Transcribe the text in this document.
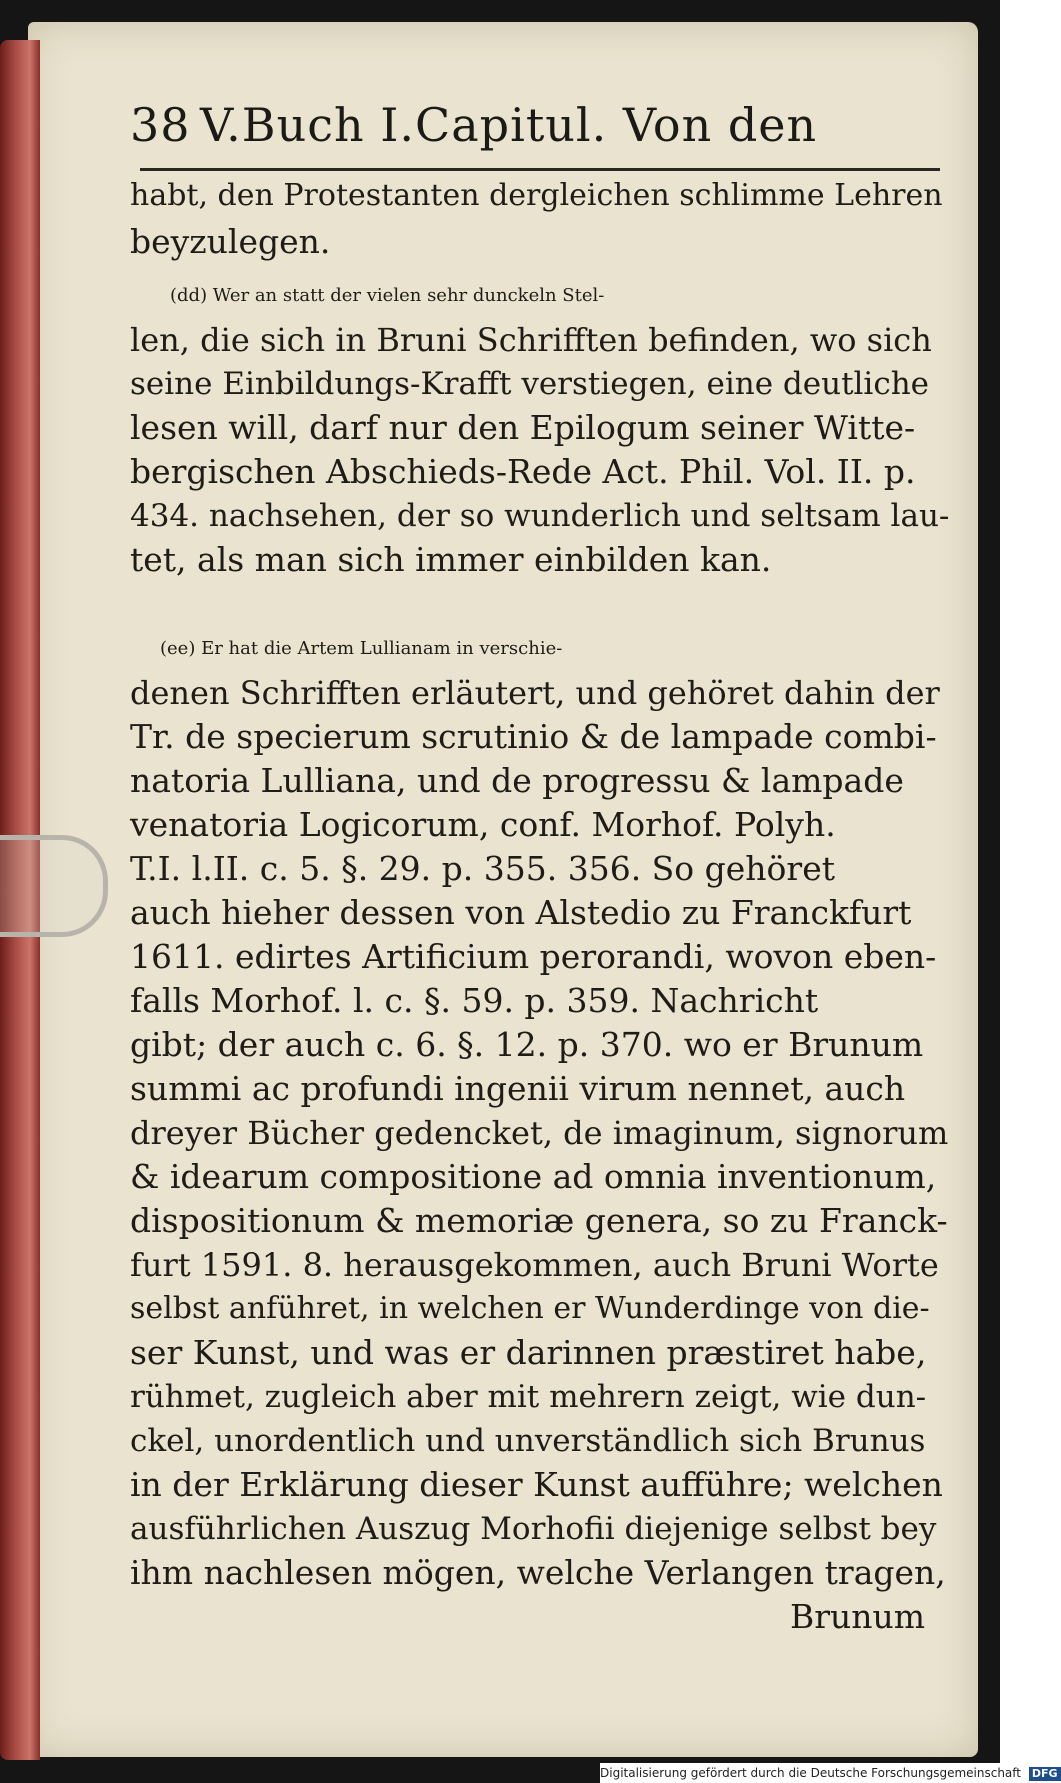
38 V.Buch I.Capitul. Von den
habt, den Protestanten dergleichen schlimme Lehren
beyzulegen.
(dd) Wer an statt der vielen sehr dunckeln Stel-
len, die sich in Bruni Schrifften befinden, wo sich
seine Einbildungs-Krafft verstiegen, eine deutliche
lesen will, darf nur den Epilogum seiner Witte-
bergischen Abschieds-Rede Act. Phil. Vol. II. p.
434. nachsehen, der so wunderlich und seltsam lau-
tet, als man sich immer einbilden kan.
(ee) Er hat die Artem Lullianam in verschie-
denen Schrifften erläutert, und gehöret dahin der
Tr. de specierum scrutinio & de lampade combi-
natoria Lulliana, und de progressu & lampade
venatoria Logicorum, conf. Morhof. Polyh.
T.I. l.II. c. 5. §. 29. p. 355. 356. So gehöret
auch hieher dessen von Alstedio zu Franckfurt
1611. edirtes Artificium perorandi, wovon eben-
falls Morhof. l. c. §. 59. p. 359. Nachricht
gibt; der auch c. 6. §. 12. p. 370. wo er Brunum
summi ac profundi ingenii virum nennet, auch
dreyer Bücher gedencket, de imaginum, signorum
& idearum compositione ad omnia inventionum,
dispositionum & memoriæ genera, so zu Franck-
furt 1591. 8. herausgekommen, auch Bruni Worte
selbst anführet, in welchen er Wunderdinge von die-
ser Kunst, und was er darinnen præstiret habe,
rühmet, zugleich aber mit mehrern zeigt, wie dun-
ckel, unordentlich und unverständlich sich Brunus
in der Erklärung dieser Kunst aufführe; welchen
ausführlichen Auszug Morhofii diejenige selbst bey
ihm nachlesen mögen, welche Verlangen tragen,
Brunum
Digitalisierung gefördert durch die Deutsche Forschungsgemeinschaft DFG
